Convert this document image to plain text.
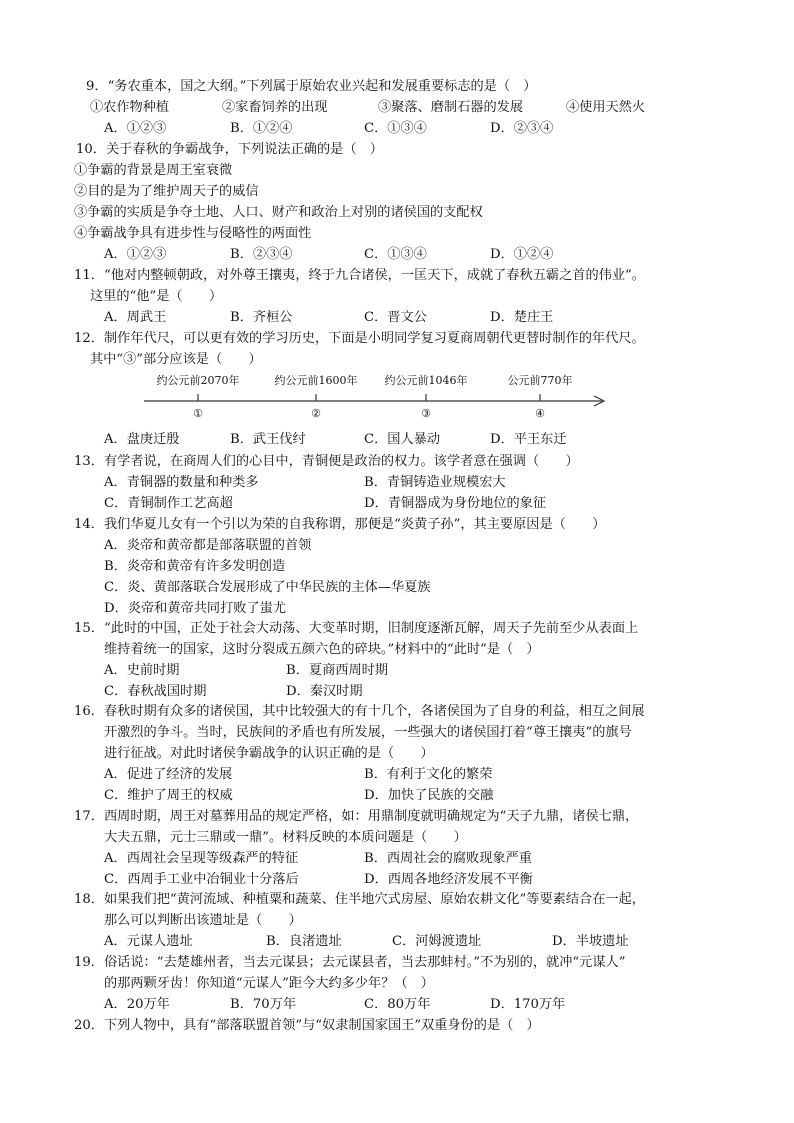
9．“务农重本，国之大纲。”下列属于原始农业兴起和发展重要标志的是（　）
①农作物种植	②家畜饲养的出现	③聚落、磨制石器的发展	④使用天然火
A．①②③	B．①②④	C．①③④	D．②③④
10．关于春秋的争霸战争，下列说法正确的是（　）
①争霸的背景是周王室衰微
②目的是为了维护周天子的威信
③争霸的实质是争夺土地、人口、财产和政治上对别的诸侯国的支配权
④争霸战争具有进步性与侵略性的两面性
A．①②③	B．②③④	C．①③④	D．①②④
11．“他对内整顿朝政，对外尊王攘夷，终于九合诸侯，一匡天下，成就了春秋五霸之首的伟业”。
这里的“他”是（　　）
A．周武王	B．齐桓公	C．晋文公	D．楚庄王
12．制作年代尺，可以更有效的学习历史，下面是小明同学复习夏商周朝代更替时制作的年代尺。
其中“③”部分应该是（　　）
约公元前2070年	约公元前1600年 约公元前1046年	公元前770年
①	②	③	④
A．盘庚迁殷	B．武王伐纣	C．国人暴动	D．平王东迁
13．有学者说，在商周人们的心目中，青铜便是政治的权力。该学者意在强调（　　）
A．青铜器的数量和种类多	B．青铜铸造业规模宏大
C．青铜制作工艺高超	D．青铜器成为身份地位的象征
14．我们华夏儿女有一个引以为荣的自我称谓，那便是“炎黄子孙”，其主要原因是（　　）
A．炎帝和黄帝都是部落联盟的首领
B．炎帝和黄帝有许多发明创造
C．炎、黄部落联合发展形成了中华民族的主体—华夏族
D．炎帝和黄帝共同打败了蚩尤
15．“此时的中国，正处于社会大动荡、大变革时期，旧制度逐渐瓦解，周天子先前至少从表面上
维持着统一的国家，这时分裂成五颜六色的碎块。”材料中的“此时”是（　）
A．史前时期	B．夏商西周时期
C．春秋战国时期	D．秦汉时期
16．春秋时期有众多的诸侯国，其中比较强大的有十几个，各诸侯国为了自身的利益，相互之间展
开激烈的争斗。当时，民族间的矛盾也有所发展，一些强大的诸侯国打着“尊王攘夷”的旗号
进行征战。对此时诸侯争霸战争的认识正确的是（　　）
A．促进了经济的发展	B．有利于文化的繁荣
C．维护了周王的权威	D．加快了民族的交融
17．西周时期，周王对墓葬用品的规定严格，如：用鼎制度就明确规定为“天子九鼎，诸侯七鼎，
大夫五鼎，元士三鼎或一鼎”。材料反映的本质问题是（　　）
A．西周社会呈现等级森严的特征	B．西周社会的腐败现象严重
C．西周手工业中冶铜业十分落后	D．西周各地经济发展不平衡
18．如果我们把“黄河流域、种植粟和蔬菜、住半地穴式房屋、原始农耕文化”等要素结合在一起，
那么可以判断出该遗址是（　　）
A．元谋人遗址	B．良渚遗址	C．河姆渡遗址	D．半坡遗址
19．俗话说：“去楚雄州者，当去元谋县；去元谋县者，当去那蚌村。”不为别的，就冲“元谋人”
的那两颗牙齿！你知道“元谋人”距今大约多少年？（　）
A．20万年	B．70万年	C．80万年	D．170万年
20．下列人物中，具有“部落联盟首领”与“奴隶制国家国王”双重身份的是（　）
